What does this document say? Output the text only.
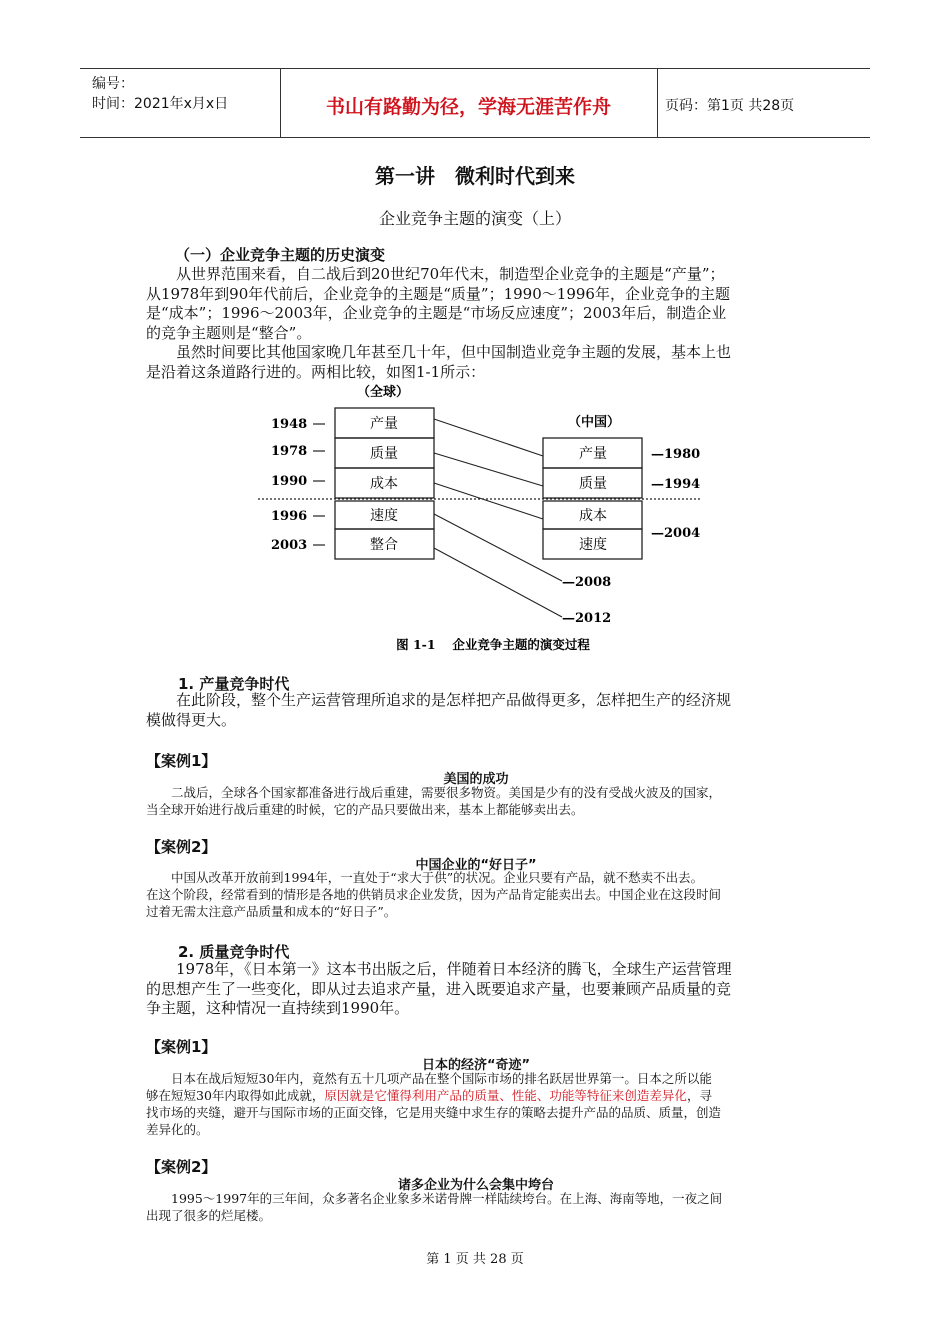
编号：
时间：2021年x月x日	书山有路勤为径，学海无涯苦作舟	页码：第1页 共28页
第一讲　微利时代到来
企业竞争主题的演变（上）
（一）企业竞争主题的历史演变
　　从世界范围来看，自二战后到20世纪70年代末，制造型企业竞争的主题是“产量”；
从1978年到90年代前后，企业竞争的主题是“质量”；1990～1996年，企业竞争的主题
是“成本”；1996～2003年，企业竞争的主题是“市场反应速度”；2003年后，制造企业
的竞争主题则是“整合”。
　　虽然时间要比其他国家晚几年甚至几十年，但中国制造业竞争主题的发展，基本上也
是沿着这条道路行进的。两相比较，如图1-1所示：
（全球）
（中国）
1948
1978
1990
1996
2003
产量
质量
成本
速度
整合
产量
质量
成本
速度
—1980
—1994
—2004
—2008
—2012
图 1-1　 企业竞争主题的演变过程
1. 产量竞争时代
　　在此阶段，整个生产运营管理所追求的是怎样把产品做得更多，怎样把生产的经济规
模做得更大。
【案例1】
美国的成功
　　二战后，全球各个国家都准备进行战后重建，需要很多物资。美国是少有的没有受战火波及的国家，
当全球开始进行战后重建的时候，它的产品只要做出来，基本上都能够卖出去。
【案例2】
中国企业的“好日子”
　　中国从改革开放前到1994年，一直处于“求大于供”的状况。企业只要有产品，就不愁卖不出去。
在这个阶段，经常看到的情形是各地的供销员求企业发货，因为产品肯定能卖出去。中国企业在这段时间
过着无需太注意产品质量和成本的“好日子”。
2. 质量竞争时代
　　1978年，《日本第一》这本书出版之后，伴随着日本经济的腾飞，全球生产运营管理
的思想产生了一些变化，即从过去追求产量，进入既要追求产量，也要兼顾产品质量的竞
争主题，这种情况一直持续到1990年。
【案例1】
日本的经济“奇迹”
　　日本在战后短短30年内，竟然有五十几项产品在整个国际市场的排名跃居世界第一。日本之所以能
够在短短30年内取得如此成就，原因就是它懂得利用产品的质量、性能、功能等特征来创造差异化，寻
找市场的夹缝，避开与国际市场的正面交锋，它是用夹缝中求生存的策略去提升产品的品质、质量，创造
差异化的。
【案例2】
诸多企业为什么会集中垮台
　　1995～1997年的三年间，众多著名企业象多米诺骨牌一样陆续垮台。在上海、海南等地，一夜之间
出现了很多的烂尾楼。
第 1 页 共 28 页
